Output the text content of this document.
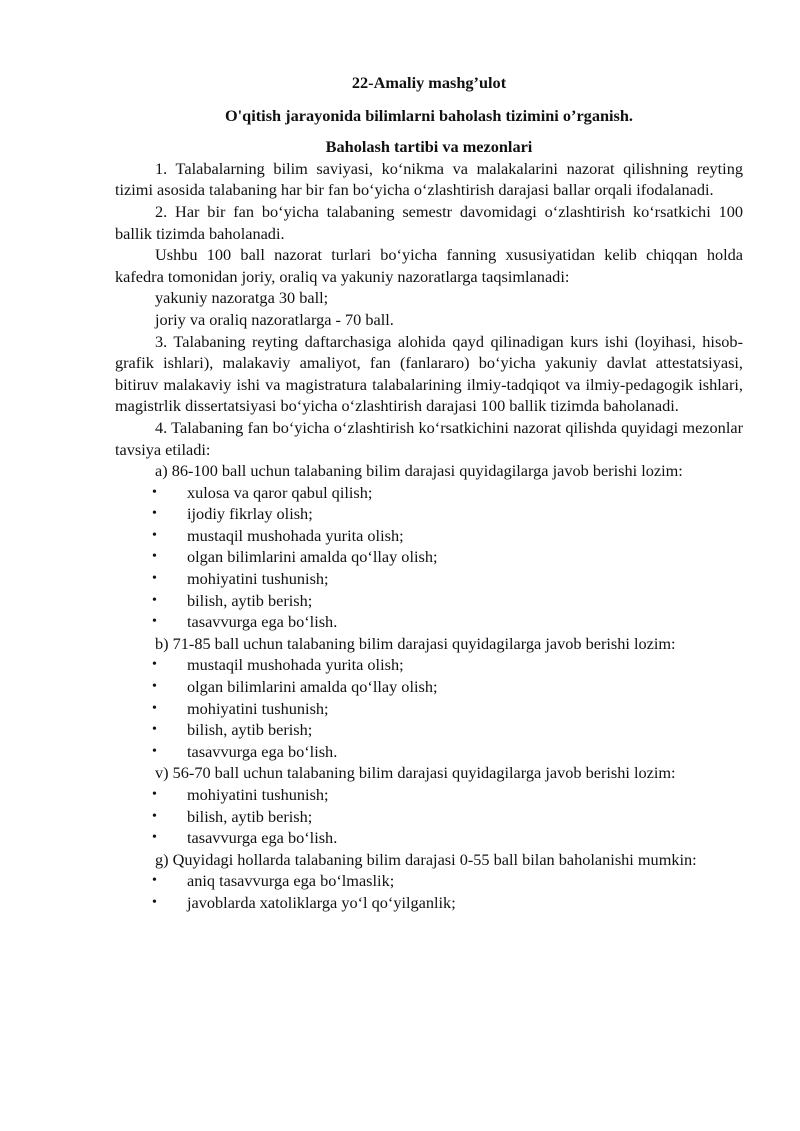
22-Amaliy mashg’ulot
O'qitish jarayonida bilimlarni baholash tizimini o’rganish.
Baholash tartibi va mezonlari

1. Talabalarning bilim saviyasi, ko‘nikma va malakalarini nazorat qilishning reyting tizimi asosida talabaning har bir fan bo‘yicha o‘zlashtirish darajasi ballar orqali ifodalanadi.

2. Har bir fan bo‘yicha talabaning semestr davomidagi o‘zlashtirish ko‘rsatkichi 100 ballik tizimda baholanadi.

Ushbu 100 ball nazorat turlari bo‘yicha fanning xususiyatidan kelib chiqqan holda kafedra tomonidan joriy, oraliq va yakuniy nazoratlarga taqsimlanadi:

yakuniy nazoratga 30 ball;

joriy va oraliq nazoratlarga - 70 ball.

3. Talabaning reyting daftarchasiga alohida qayd qilinadigan kurs ishi (loyihasi, hisob-grafik ishlari), malakaviy amaliyot, fan (fanlararo) bo‘yicha yakuniy davlat attestatsiyasi, bitiruv malakaviy ishi va magistratura talabalarining ilmiy-tadqiqot va ilmiy-pedagogik ishlari, magistrlik dissertatsiyasi bo‘yicha o‘zlashtirish darajasi 100 ballik tizimda baholanadi.

4. Talabaning fan bo‘yicha o‘zlashtirish ko‘rsatkichini nazorat qilishda quyidagi mezonlar tavsiya etiladi:

a) 86-100 ball uchun talabaning bilim darajasi quyidagilarga javob berishi lozim:

• xulosa va qaror qabul qilish;
• ijodiy fikrlay olish;
• mustaqil mushohada yurita olish;
• olgan bilimlarini amalda qo‘llay olish;
• mohiyatini tushunish;
• bilish, aytib berish;
• tasavvurga ega bo‘lish.

b) 71-85 ball uchun talabaning bilim darajasi quyidagilarga javob berishi lozim:

• mustaqil mushohada yurita olish;
• olgan bilimlarini amalda qo‘llay olish;
• mohiyatini tushunish;
• bilish, aytib berish;
• tasavvurga ega bo‘lish.

v) 56-70 ball uchun talabaning bilim darajasi quyidagilarga javob berishi lozim:

• mohiyatini tushunish;
• bilish, aytib berish;
• tasavvurga ega bo‘lish.

g) Quyidagi hollarda talabaning bilim darajasi 0-55 ball bilan baholanishi mumkin:

• aniq tasavvurga ega bo‘lmaslik;
• javoblarda xatoliklarga yo‘l qo‘yilganlik;
